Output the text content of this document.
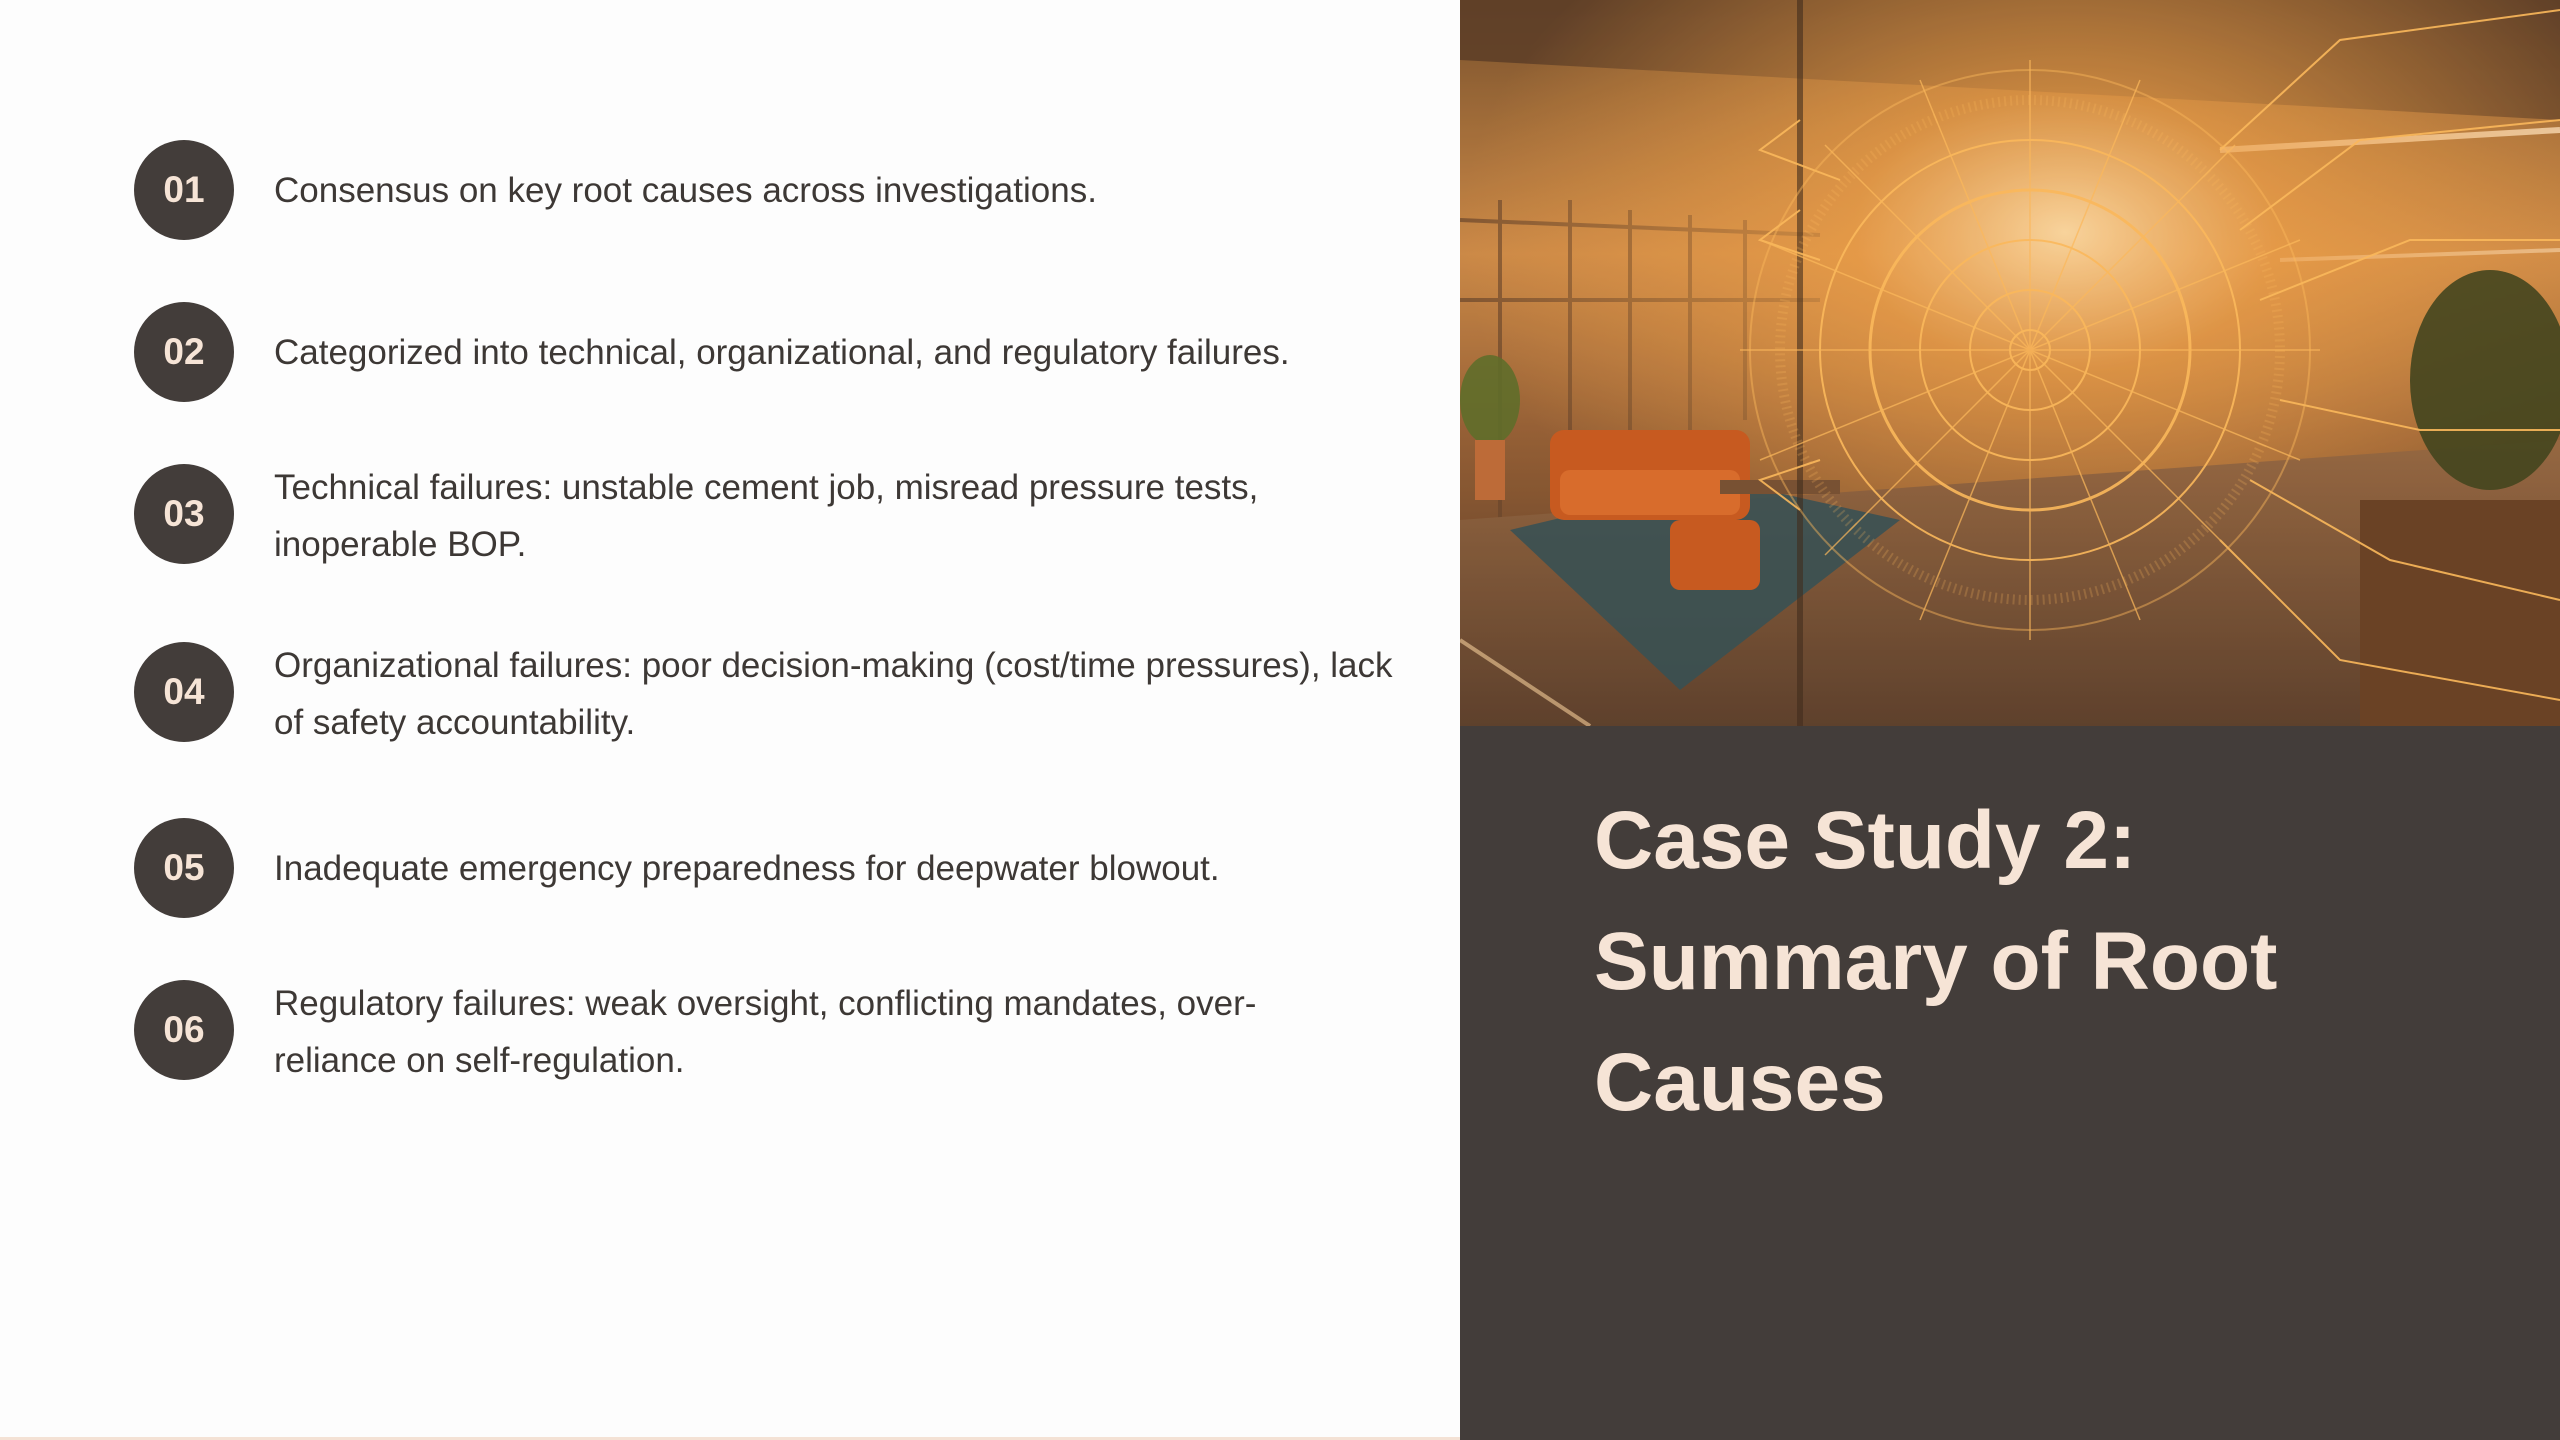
01	Consensus on key root causes across investigations.
02	Categorized into technical, organizational, and regulatory failures.
03
Technical failures: unstable cement job, misread pressure tests, inoperable BOP.
04
Organizational failures: poor decision-making (cost/time pressures), lack of safety accountability.
05	Inadequate emergency preparedness for deepwater blowout.
06
Regulatory failures: weak oversight, conflicting mandates, over-reliance on self-regulation.
Case Study 2: Summary of Root Causes
